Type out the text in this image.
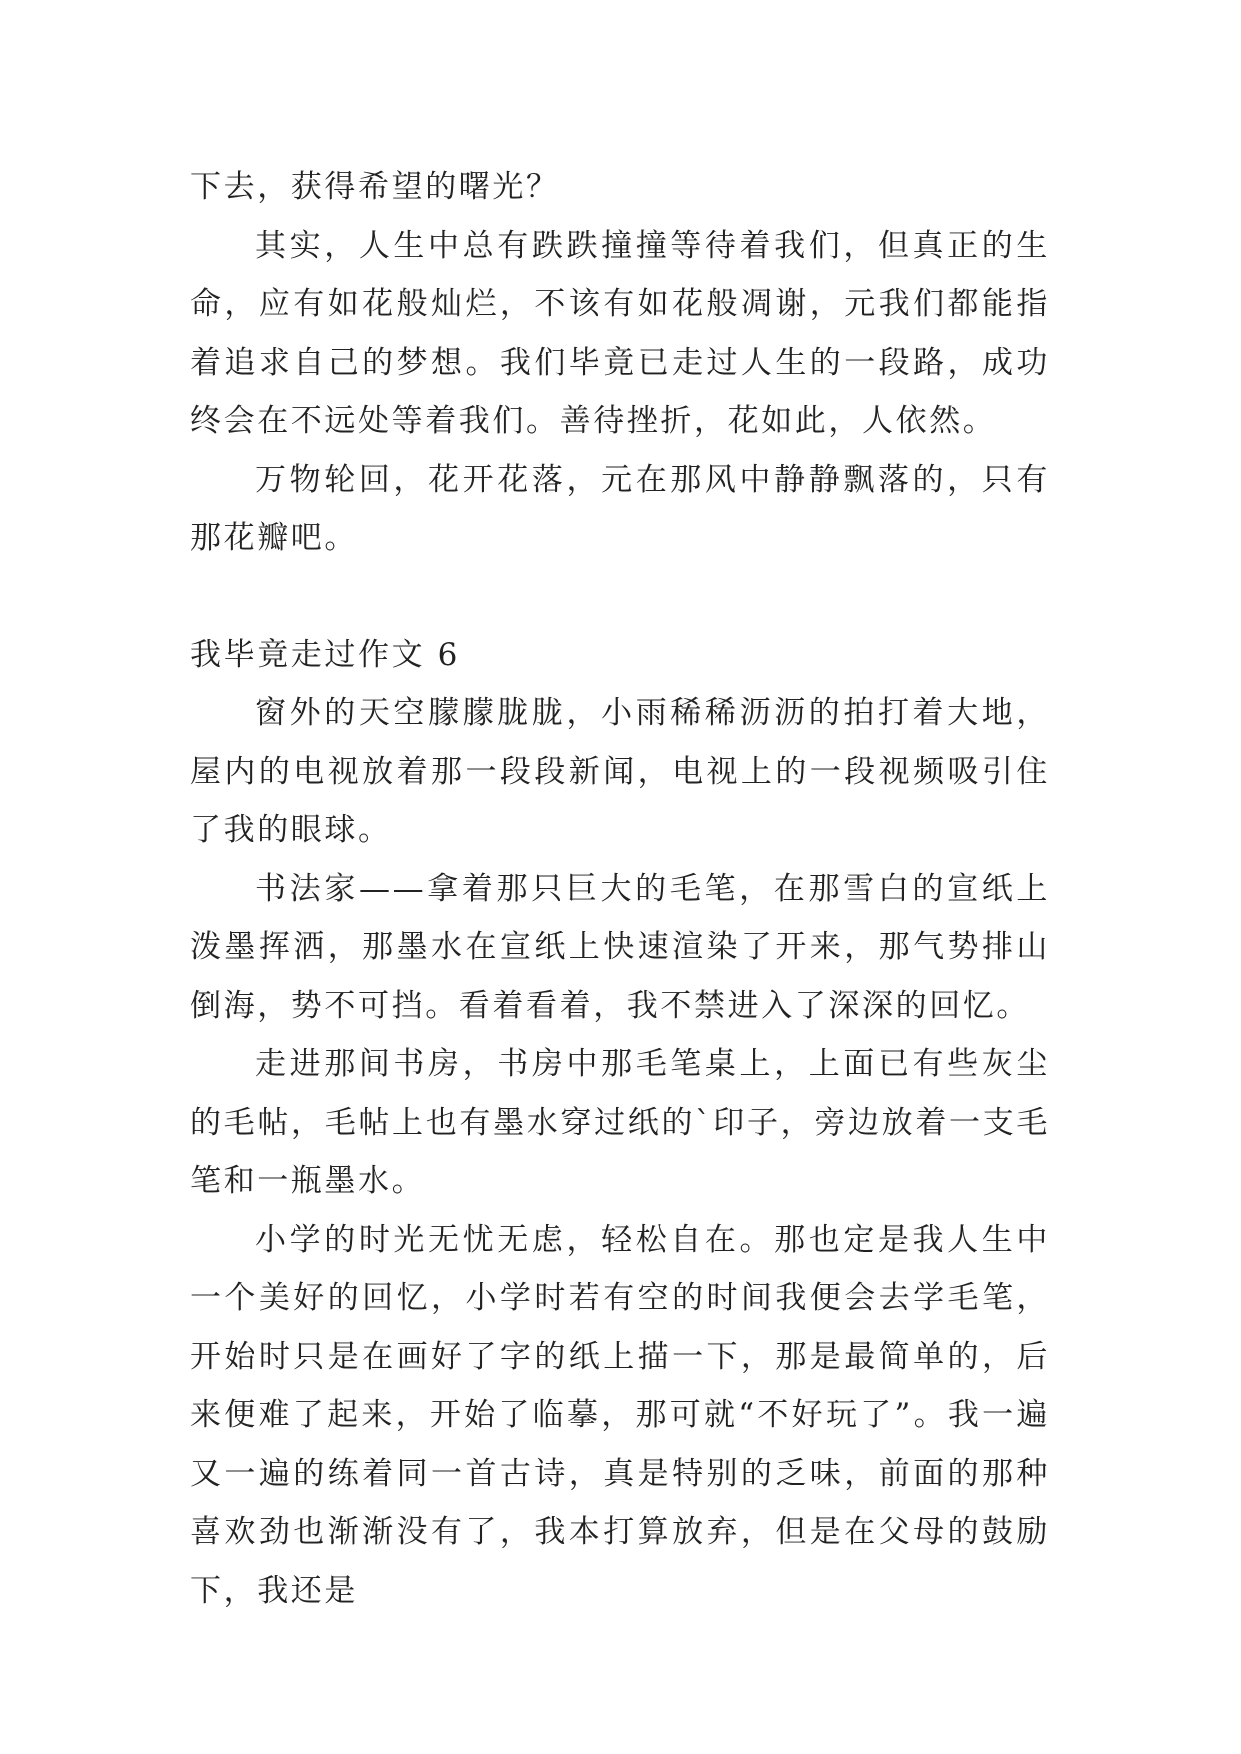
下去，获得希望的曙光？

其实，人生中总有跌跌撞撞等待着我们，但真正的生命，应有如花般灿烂，不该有如花般凋谢，元我们都能指着追求自己的梦想。我们毕竟已走过人生的一段路，成功终会在不远处等着我们。善待挫折，花如此，人依然。

万物轮回，花开花落，元在那风中静静飘落的，只有那花瓣吧。

我毕竟走过作文 6

窗外的天空朦朦胧胧，小雨稀稀沥沥的拍打着大地，屋内的电视放着那一段段新闻，电视上的一段视频吸引住了我的眼球。

书法家——拿着那只巨大的毛笔，在那雪白的宣纸上泼墨挥洒，那墨水在宣纸上快速渲染了开来，那气势排山倒海，势不可挡。看着看着，我不禁进入了深深的回忆。

走进那间书房，书房中那毛笔桌上，上面已有些灰尘的毛帖，毛帖上也有墨水穿过纸的`印子，旁边放着一支毛笔和一瓶墨水。

小学的时光无忧无虑，轻松自在。那也定是我人生中一个美好的回忆，小学时若有空的时间我便会去学毛笔，开始时只是在画好了字的纸上描一下，那是最简单的，后来便难了起来，开始了临摹，那可就“不好玩了”。我一遍又一遍的练着同一首古诗，真是特别的乏味，前面的那种喜欢劲也渐渐没有了，我本打算放弃，但是在父母的鼓励下，我还是
